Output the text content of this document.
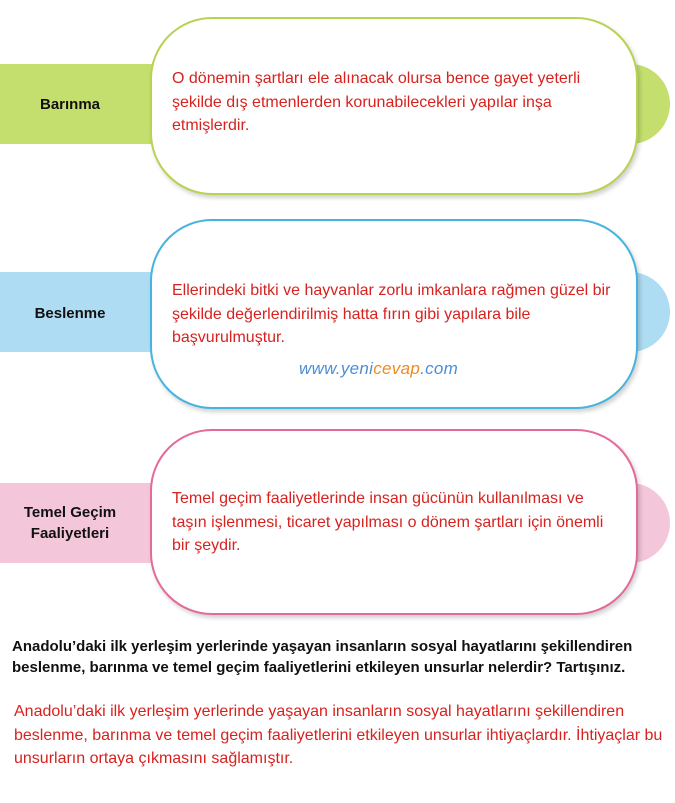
Barınma
O dönemin şartları ele alınacak olursa bence gayet yeterli şekilde dış etmenlerden korunabilecekleri yapılar inşa etmişlerdir.
Beslenme
Ellerindeki bitki ve hayvanlar zorlu imkanlara rağmen güzel bir şekilde değerlendirilmiş hatta fırın gibi yapılara bile başvurulmuştur.
www.yenicevap.com
Temel Geçim
Faaliyetleri
Temel geçim faaliyetlerinde insan gücünün kullanılması ve taşın işlenmesi, ticaret yapılması o dönem şartları için önemli bir şeydir.
Anadolu’daki ilk yerleşim yerlerinde yaşayan insanların sosyal hayatlarını şekillendiren beslenme, barınma ve temel geçim faaliyetlerini etkileyen unsurlar nelerdir? Tartışınız.
Anadolu’daki ilk yerleşim yerlerinde yaşayan insanların sosyal hayatlarını şekillendiren beslenme, barınma ve temel geçim faaliyetlerini etkileyen unsurlar ihtiyaçlardır. İhtiyaçlar bu unsurların ortaya çıkmasını sağlamıştır.
